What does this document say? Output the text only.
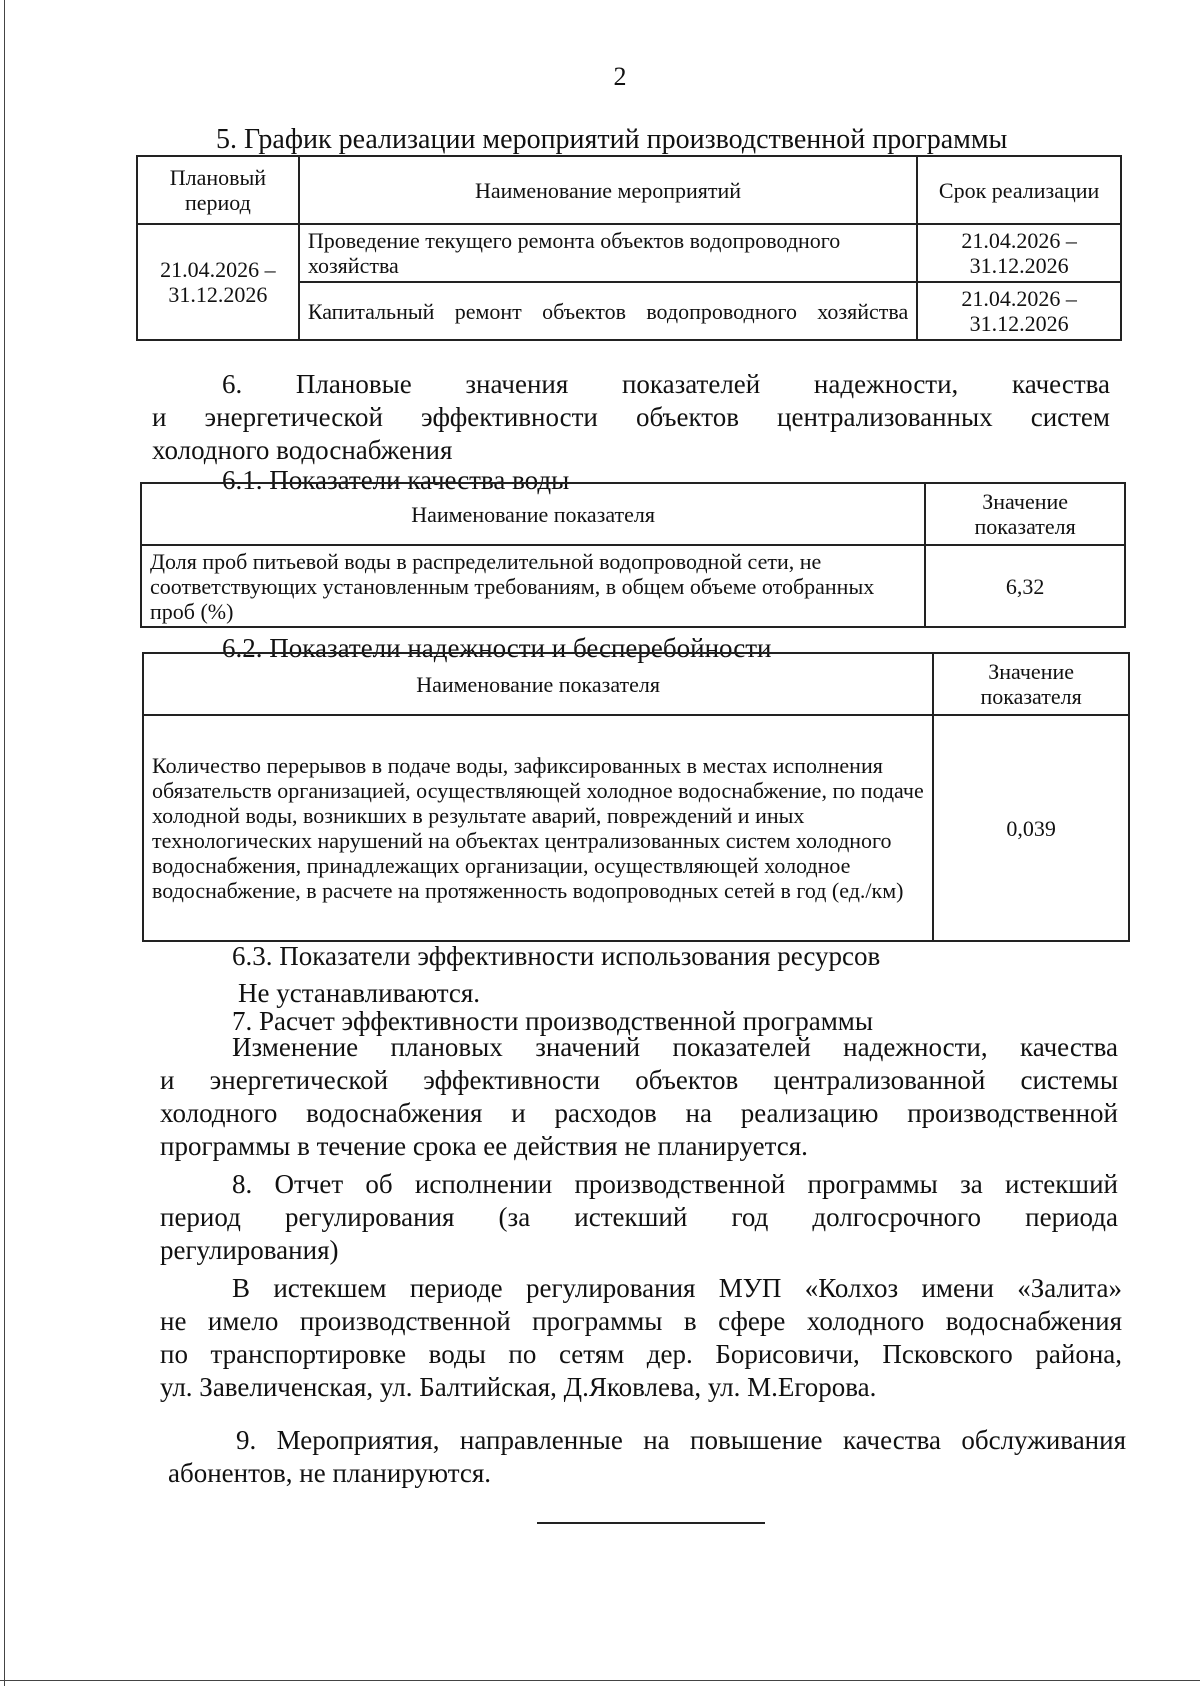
2
5. График реализации мероприятий производственной программы
Плановый период	Наименование мероприятий	Срок реализации
21.04.2026 – 31.12.2026	Проведение текущего ремонта объектов водопроводного хозяйства	21.04.2026 – 31.12.2026

	Капитальный ремонт объектов водопроводного хозяйства	21.04.2026 – 31.12.2026
6. Плановые значения показателей надежности, качества
и энергетической эффективности объектов централизованных систем
холодного водоснабжения
6.1. Показатели качества воды
Наименование показателя	Значение показателя
Доля проб питьевой воды в распределительной водопроводной сети, не соответствующих установленным требованиям, в общем объеме отобранных проб (%)	6,32
6.2. Показатели надежности и бесперебойности
Наименование показателя	Значение показателя
Количество перерывов в подаче воды, зафиксированных в местах исполнения обязательств организацией, осуществляющей холодное водоснабжение, по подаче холодной воды, возникших в результате аварий, повреждений и иных технологических нарушений на объектах централизованных систем холодного водоснабжения, принадлежащих организации, осуществляющей холодное водоснабжение, в расчете на протяженность водопроводных сетей в год (ед./км)	0,039
6.3. Показатели эффективности использования ресурсов
Не устанавливаются.
7. Расчет эффективности производственной программы
Изменение плановых значений показателей надежности, качества
и энергетической эффективности объектов централизованной системы
холодного водоснабжения и расходов на реализацию производственной
программы в течение срока ее действия не планируется.
8. Отчет об исполнении производственной программы за истекший
период регулирования (за истекший год долгосрочного периода
регулирования)
В истекшем периоде регулирования МУП «Колхоз имени «Залита»
не имело производственной программы в сфере холодного водоснабжения
по транспортировке воды по сетям дер. Борисовичи, Псковского района,
ул. Завеличенская, ул. Балтийская, Д.Яковлева, ул. М.Егорова.
9. Мероприятия, направленные на повышение качества обслуживания
абонентов, не планируются.
